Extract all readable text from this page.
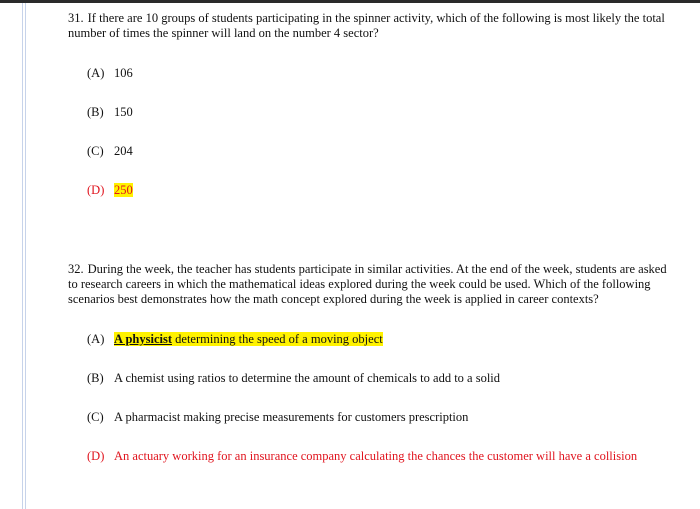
31. If there are 10 groups of students participating in the spinner activity, which of the following is most likely the total number of times the spinner will land on the number 4 sector?
(A) 106
(B) 150
(C) 204
(D) 250
32. During the week, the teacher has students participate in similar activities. At the end of the week, students are asked to research careers in which the mathematical ideas explored during the week could be used. Which of the following scenarios best demonstrates how the math concept explored during the week is applied in career contexts?
(A) A physicist determining the speed of a moving object
(B) A chemist using ratios to determine the amount of chemicals to add to a solid
(C) A pharmacist making precise measurements for customers prescription
(D) An actuary working for an insurance company calculating the chances the customer will have a collision
